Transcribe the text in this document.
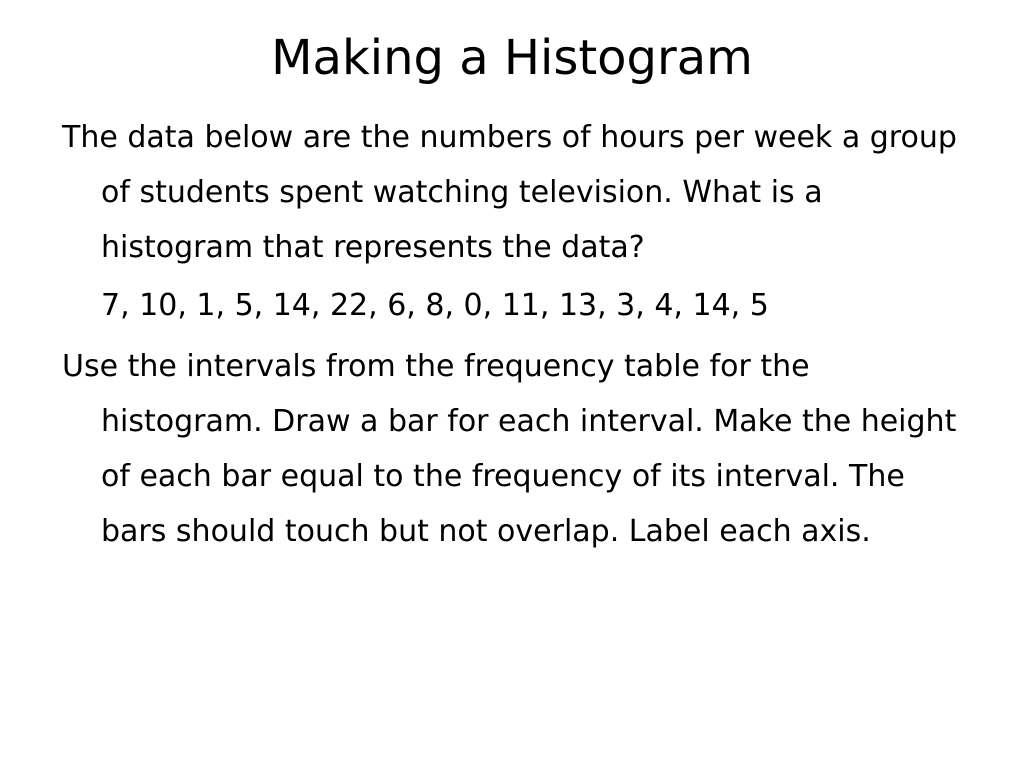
Making a Histogram

The data below are the numbers of hours per week a group of students spent watching television. What is a histogram that represents the data?

7, 10, 1, 5, 14, 22, 6, 8, 0, 11, 13, 3, 4, 14, 5

Use the intervals from the frequency table for the histogram. Draw a bar for each interval. Make the height of each bar equal to the frequency of its interval. The bars should touch but not overlap. Label each axis.
